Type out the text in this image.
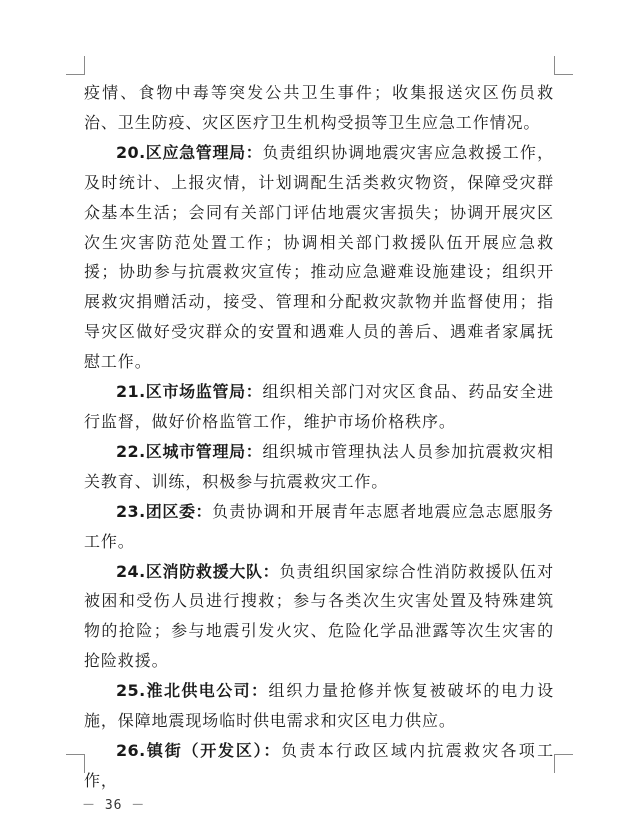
疫情、食物中毒等突发公共卫生事件；收集报送灾区伤员救治、卫生防疫、灾区医疗卫生机构受损等卫生应急工作情况。

20.区应急管理局：负责组织协调地震灾害应急救援工作，及时统计、上报灾情，计划调配生活类救灾物资，保障受灾群众基本生活；会同有关部门评估地震灾害损失；协调开展灾区次生灾害防范处置工作；协调相关部门救援队伍开展应急救援；协助参与抗震救灾宣传；推动应急避难设施建设；组织开展救灾捐赠活动，接受、管理和分配救灾款物并监督使用；指导灾区做好受灾群众的安置和遇难人员的善后、遇难者家属抚慰工作。

21.区市场监管局：组织相关部门对灾区食品、药品安全进行监督，做好价格监管工作，维护市场价格秩序。

22.区城市管理局：组织城市管理执法人员参加抗震救灾相关教育、训练，积极参与抗震救灾工作。

23.团区委：负责协调和开展青年志愿者地震应急志愿服务工作。

24.区消防救援大队：负责组织国家综合性消防救援队伍对被困和受伤人员进行搜救；参与各类次生灾害处置及特殊建筑物的抢险；参与地震引发火灾、危险化学品泄露等次生灾害的抢险救援。

25.淮北供电公司：组织力量抢修并恢复被破坏的电力设施，保障地震现场临时供电需求和灾区电力供应。

26.镇街（开发区）：负责本行政区域内抗震救灾各项工作，

－ 36 －
